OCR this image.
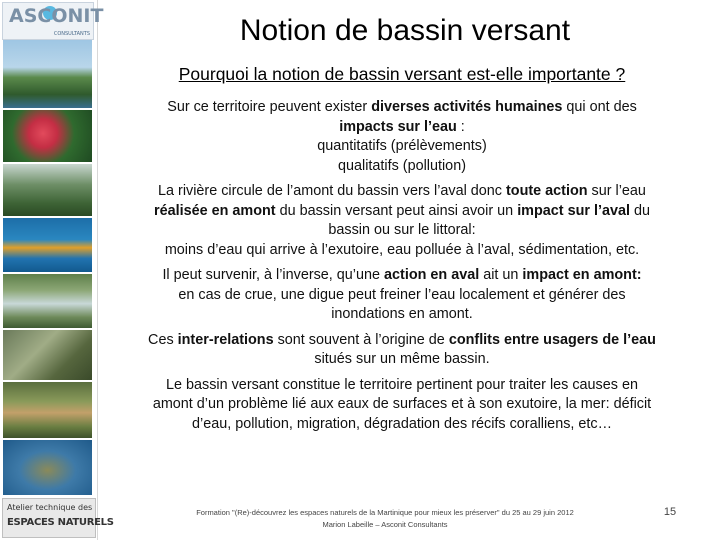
ASCONIT
CONSULTANTS
Atelier technique des
ESPACES NATURELS
Notion de bassin versant
Pourquoi la notion de bassin versant est-elle importante ?
Sur ce territoire peuvent exister diverses activités humaines qui ont des
impacts sur l’eau :
quantitatifs (prélèvements)
qualitatifs (pollution)
La rivière circule de l’amont du bassin vers l’aval donc toute action sur l’eau
réalisée en amont du bassin versant peut ainsi avoir un impact sur l’aval du
bassin ou sur le littoral:
moins d’eau qui arrive à l’exutoire, eau polluée à l’aval, sédimentation, etc.
Il peut survenir, à l’inverse, qu’une action en aval ait un impact en amont:
en cas de crue, une digue peut freiner l’eau localement et générer des
inondations en amont.
Ces inter-relations sont souvent à l’origine de conflits entre usagers de l’eau
situés sur un même bassin.
Le bassin versant constitue le territoire pertinent pour traiter les causes en
amont d’un problème lié aux eaux de surfaces et à son exutoire, la mer: déficit
d’eau, pollution, migration, dégradation des récifs coralliens, etc…
Formation "(Re)-découvrez les espaces naturels de la Martinique pour mieux les préserver" du 25 au 29 juin 2012
Marion Labeille – Asconit Consultants
15
